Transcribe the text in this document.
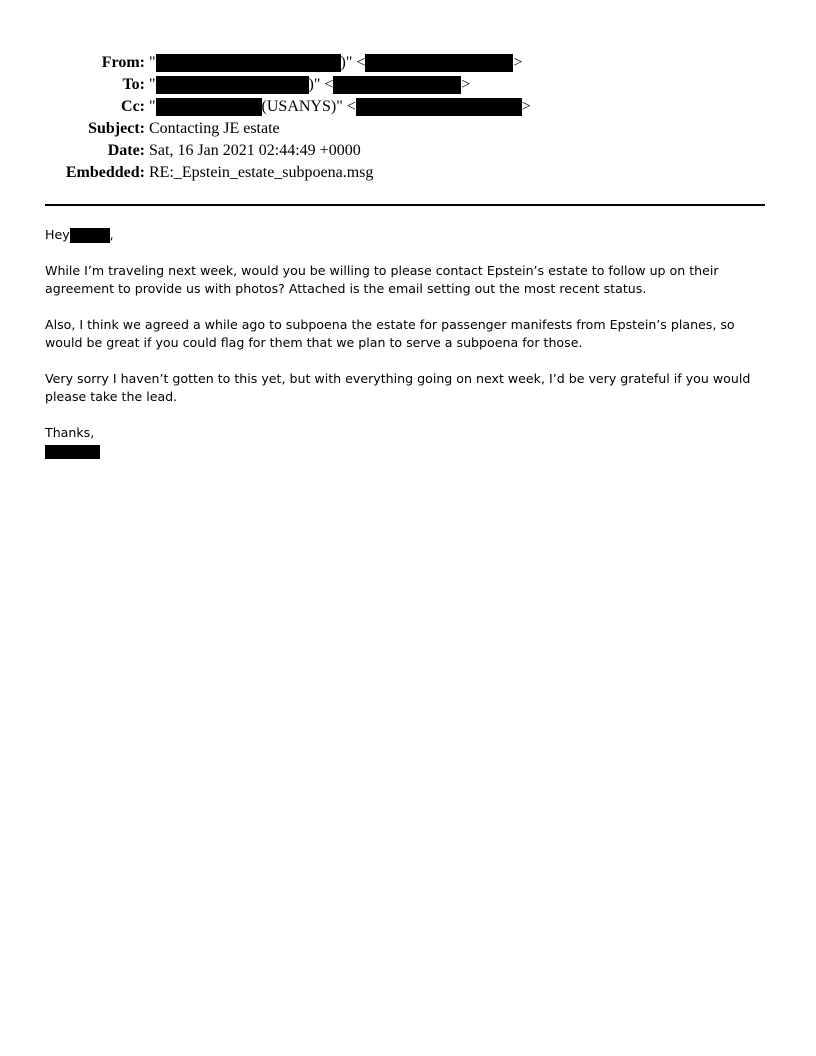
From: "	)" <	>
To: "	)" <	>
Cc: "	(USANYS)" <	>
Subject: Contacting JE estate
Date: Sat, 16 Jan 2021 02:44:49 +0000
Embedded: RE:_Epstein_estate_subpoena.msg

Hey	,

While I’m traveling next week, would you be willing to please contact Epstein’s estate to follow up on their agreement to provide us with photos? Attached is the email setting out the most recent status.

Also, I think we agreed a while ago to subpoena the estate for passenger manifests from Epstein’s planes, so would be great if you could flag for them that we plan to serve a subpoena for those.

Very sorry I haven’t gotten to this yet, but with everything going on next week, I’d be very grateful if you would please take the lead.

Thanks,
